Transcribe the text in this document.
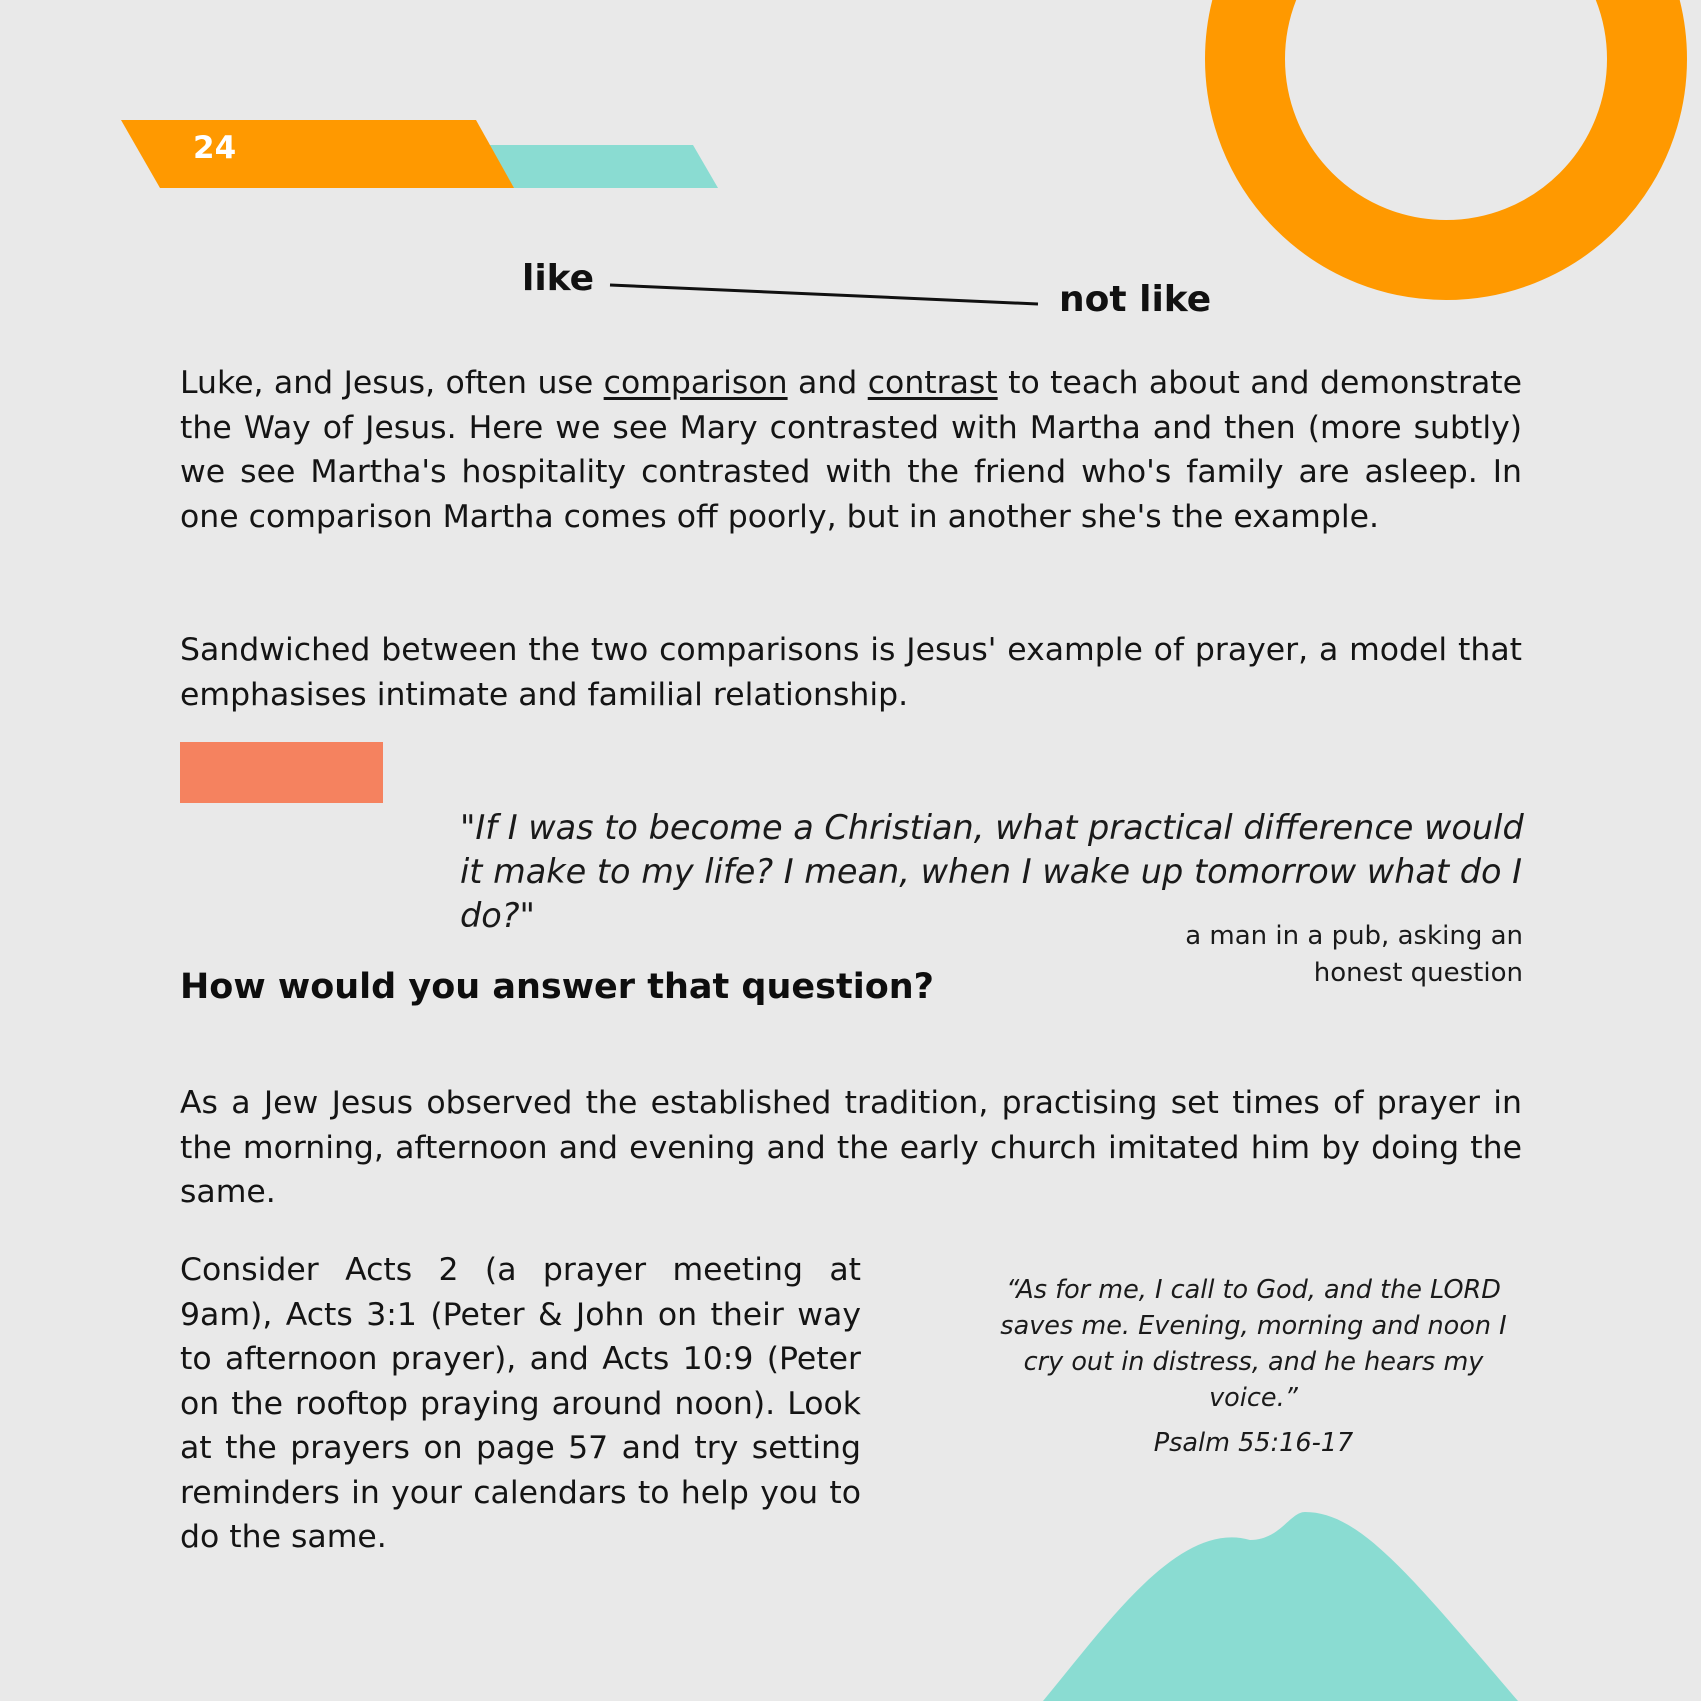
24
like
not like

Luke, and Jesus, often use comparison and contrast to teach about and demonstrate the Way of Jesus. Here we see Mary contrasted with Martha and then (more subtly) we see Martha's hospitality contrasted with the friend who's family are asleep. In one comparison Martha comes off poorly, but in another she's the example.

Sandwiched between the two comparisons is Jesus' example of prayer, a model that emphasises intimate and familial relationship.

"If I was to become a Christian, what practical difference would it make to my life? I mean, when I wake up tomorrow what do I do?"
a man in a pub, asking an honest question
How would you answer that question?

As a Jew Jesus observed the established tradition, practising set times of prayer in the morning, afternoon and evening and the early church imitated him by doing the same.

Consider Acts 2 (a prayer meeting at 9am), Acts 3:1 (Peter & John on their way to afternoon prayer), and Acts 10:9 (Peter on the rooftop praying around noon). Look at the prayers on page 57 and try setting reminders in your calendars to help you to do the same.

“As for me, I call to God, and the LORD saves me. Evening, morning and noon I cry out in distress, and he hears my voice.”
Psalm 55:16-17
